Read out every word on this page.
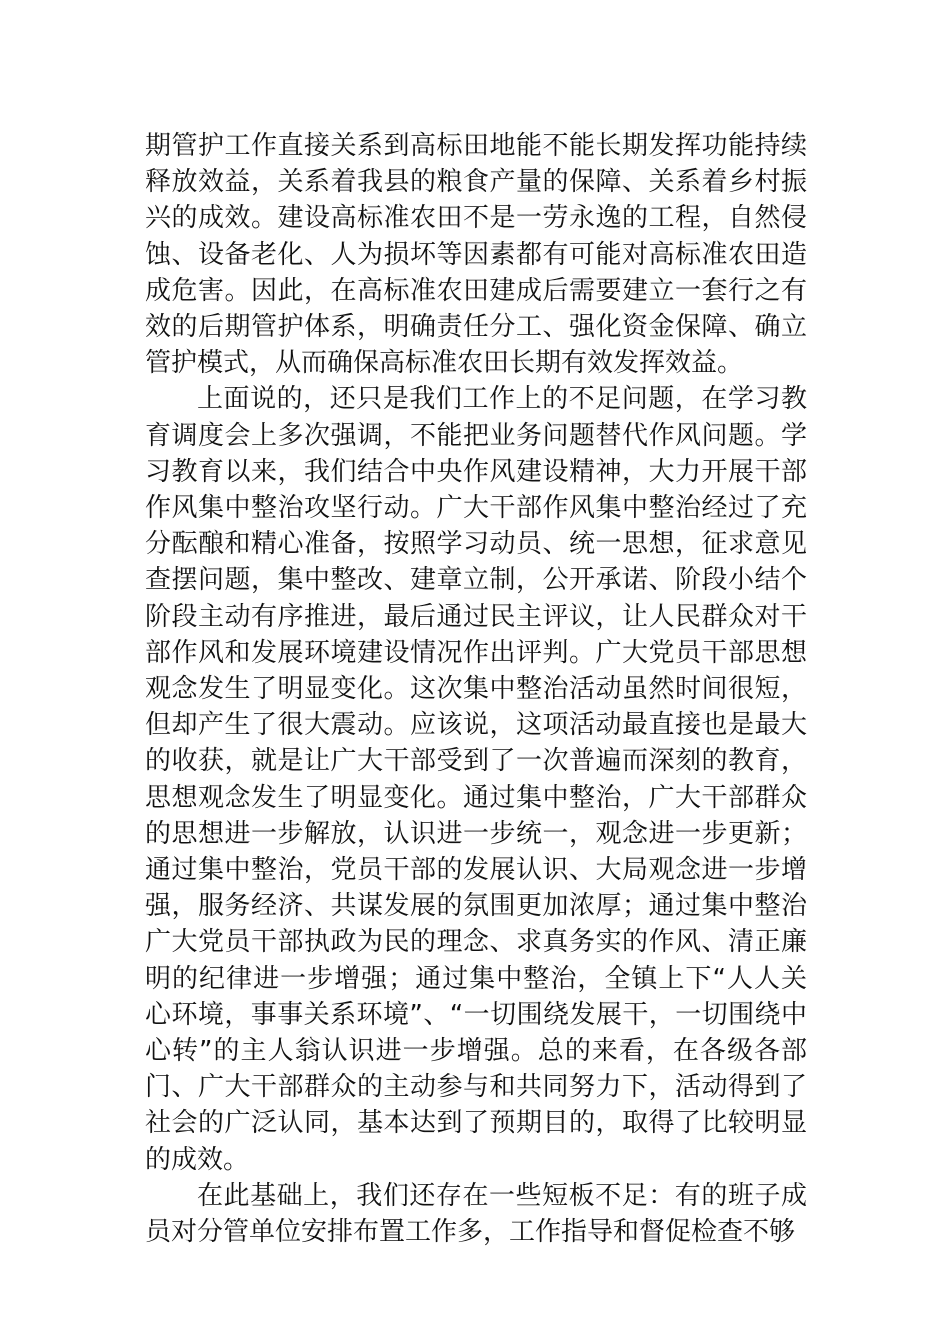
期管护工作直接关系到高标田地能不能长期发挥功能持续释放效益，关系着我县的粮食产量的保障、关系着乡村振兴的成效。建设高标准农田不是一劳永逸的工程，自然侵蚀、设备老化、人为损坏等因素都有可能对高标准农田造成危害。因此，在高标准农田建成后需要建立一套行之有效的后期管护体系，明确责任分工、强化资金保障、确立管护模式，从而确保高标准农田长期有效发挥效益。

上面说的，还只是我们工作上的不足问题，在学习教育调度会上多次强调，不能把业务问题替代作风问题。学习教育以来，我们结合中央作风建设精神，大力开展干部作风集中整治攻坚行动。广大干部作风集中整治经过了充分酝酿和精心准备，按照学习动员、统一思想，征求意见查摆问题，集中整改、建章立制，公开承诺、阶段小结个阶段主动有序推进，最后通过民主评议，让人民群众对干部作风和发展环境建设情况作出评判。广大党员干部思想观念发生了明显变化。这次集中整治活动虽然时间很短，但却产生了很大震动。应该说，这项活动最直接也是最大的收获，就是让广大干部受到了一次普遍而深刻的教育，思想观念发生了明显变化。通过集中整治，广大干部群众的思想进一步解放，认识进一步统一，观念进一步更新；通过集中整治，党员干部的发展认识、大局观念进一步增强，服务经济、共谋发展的氛围更加浓厚；通过集中整治广大党员干部执政为民的理念、求真务实的作风、清正廉明的纪律进一步增强；通过集中整治，全镇上下“人人关心环境，事事关系环境”、“一切围绕发展干，一切围绕中心转”的主人翁认识进一步增强。总的来看，在各级各部门、广大干部群众的主动参与和共同努力下，活动得到了社会的广泛认同，基本达到了预期目的，取得了比较明显的成效。

在此基础上，我们还存在一些短板不足：有的班子成员对分管单位安排布置工作多，工作指导和督促检查不够
